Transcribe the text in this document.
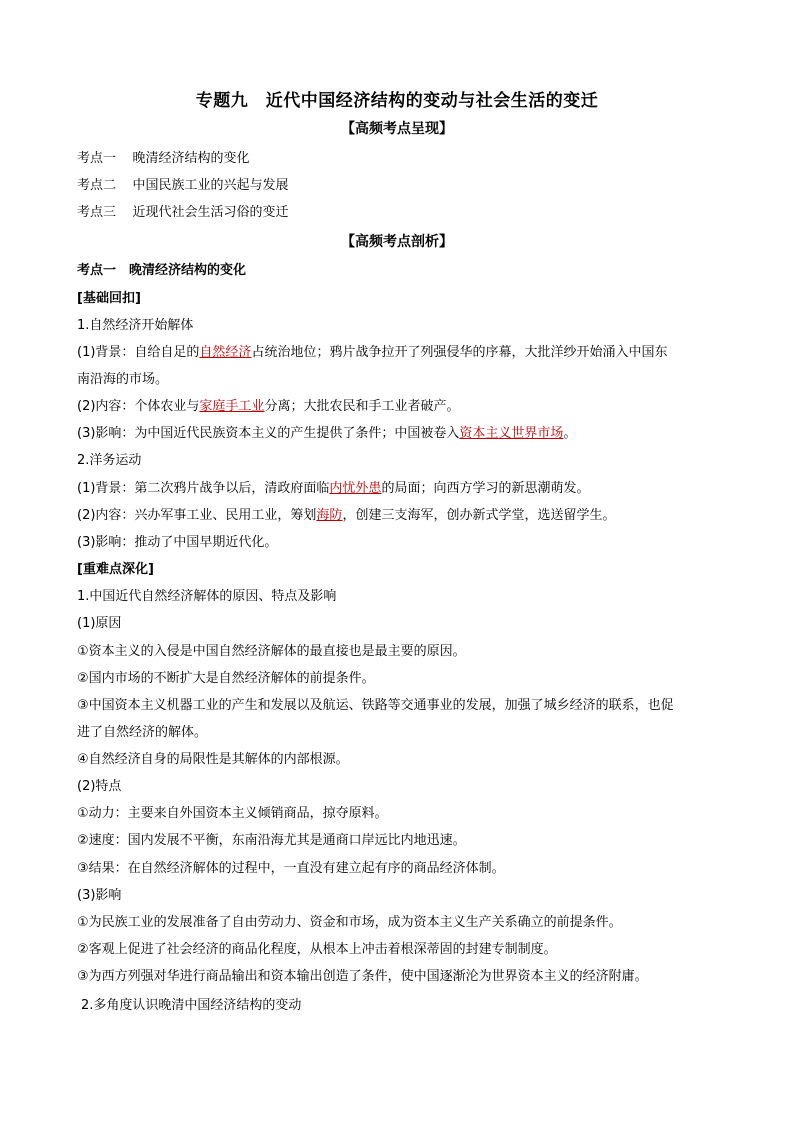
专题九　近代中国经济结构的变动与社会生活的变迁
【高频考点呈现】
考点一 晚清经济结构的变化
考点二 中国民族工业的兴起与发展
考点三 近现代社会生活习俗的变迁
【高频考点剖析】
考点一　晚清经济结构的变化
[基础回扣]
1.自然经济开始解体
(1)背景：自给自足的自然经济占统治地位；鸦片战争拉开了列强侵华的序幕，大批洋纱开始涌入中国东
南沿海的市场。
(2)内容：个体农业与家庭手工业分离；大批农民和手工业者破产。
(3)影响：为中国近代民族资本主义的产生提供了条件；中国被卷入资本主义世界市场。
2.洋务运动
(1)背景：第二次鸦片战争以后，清政府面临内忧外患的局面；向西方学习的新思潮萌发。
(2)内容：兴办军事工业、民用工业，筹划海防，创建三支海军，创办新式学堂，选送留学生。
(3)影响：推动了中国早期近代化。
[重难点深化]
1.中国近代自然经济解体的原因、特点及影响
(1)原因
①资本主义的入侵是中国自然经济解体的最直接也是最主要的原因。
②国内市场的不断扩大是自然经济解体的前提条件。
③中国资本主义机器工业的产生和发展以及航运、铁路等交通事业的发展，加强了城乡经济的联系，也促
进了自然经济的解体。
④自然经济自身的局限性是其解体的内部根源。
(2)特点
①动力：主要来自外国资本主义倾销商品，掠夺原料。
②速度：国内发展不平衡，东南沿海尤其是通商口岸远比内地迅速。
③结果：在自然经济解体的过程中，一直没有建立起有序的商品经济体制。
(3)影响
①为民族工业的发展准备了自由劳动力、资金和市场，成为资本主义生产关系确立的前提条件。
②客观上促进了社会经济的商品化程度，从根本上冲击着根深蒂固的封建专制制度。
③为西方列强对华进行商品输出和资本输出创造了条件，使中国逐渐沦为世界资本主义的经济附庸。
2.多角度认识晚清中国经济结构的变动
